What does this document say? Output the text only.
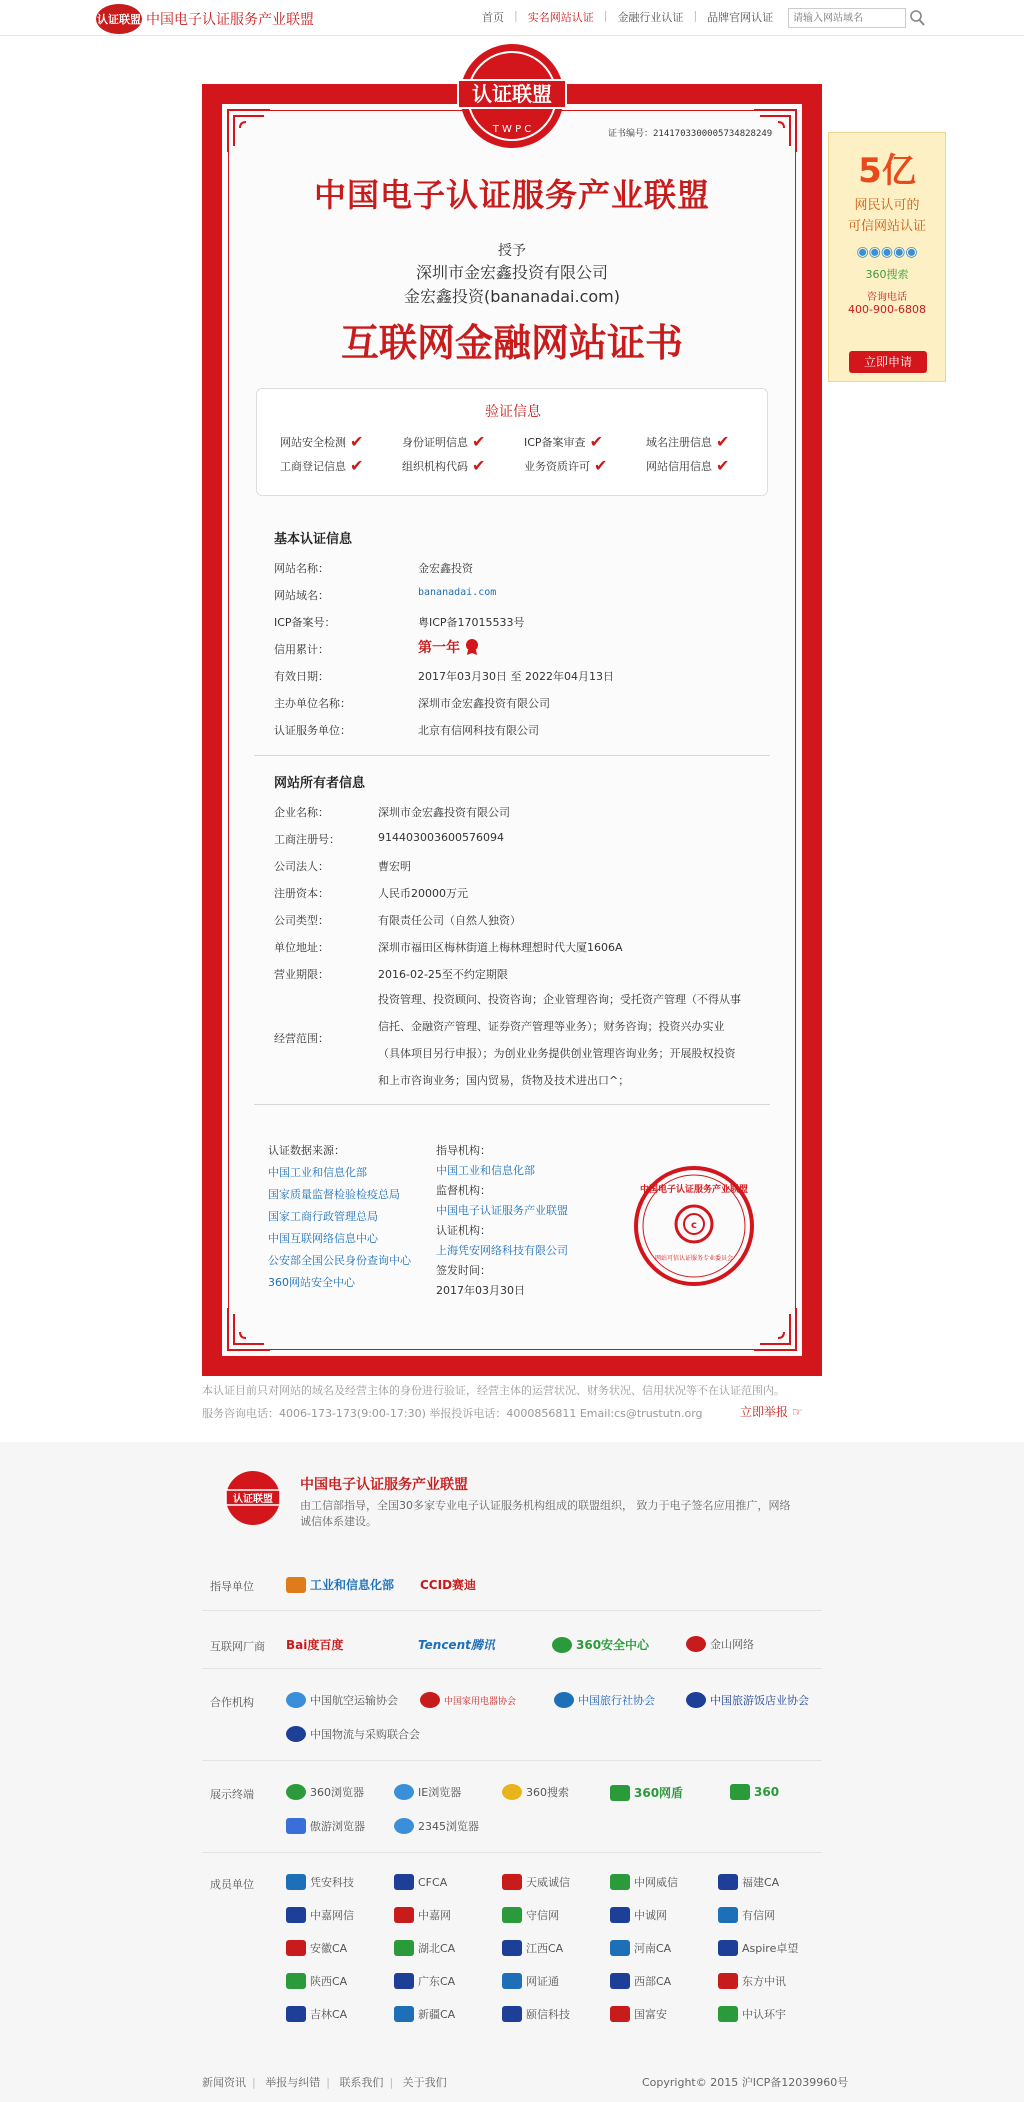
认证联盟 中国电子认证服务产业联盟	首页 | 实名网站认证 | 金融行业认证 | 品牌官网认证
请输入网站域名
认证联盟
T W P C	证书编号：2141703300005734828249
中国电子认证服务产业联盟
授予
深圳市金宏鑫投资有限公司
金宏鑫投资(bananadai.com)
互联网金融网站证书
验证信息
网站安全检测 ✔	身份证明信息 ✔	ICP备案审查 ✔	域名注册信息 ✔
工商登记信息 ✔	组织机构代码 ✔	业务资质许可 ✔	网站信用信息 ✔
基本认证信息
网站名称：	金宏鑫投资
网站域名：	bananadai.com
ICP备案号：	粤ICP备17015533号
信用累计：	第一年
有效日期：	2017年03月30日 至 2022年04月13日
主办单位名称：	深圳市金宏鑫投资有限公司
认证服务单位：	北京有信网科技有限公司
网站所有者信息
企业名称：	深圳市金宏鑫投资有限公司
工商注册号：	91440300360057609​4
公司法人：	曹宏明
注册资本：	人民币20000万元
公司类型：	有限责任公司（自然人独资）
单位地址：	深圳市福田区梅林街道上梅林理想时代大厦1606A
营业期限：	2016-02-25至不约定期限
经营范围：
投资管理、投资顾问、投资咨询；企业管理咨询；受托资产管理（不得从事信托、金融资产管理、证券资产管理等业务）；财务咨询；投资兴办实业（具体项目另行申报）；为创业业务提供创业管理咨询业务；开展股权投资和上市咨询业务；国内贸易，货物及技术进出口^；
认证数据来源：
中国工业和信息化部
国家质量监督检验检疫总局
国家工商行政管理总局
中国互联网络信息中心
公安部全国公民身份查询中心
360网站安全中心
指导机构：
中国工业和信息化部
监督机构：
中国电子认证服务产业联盟
认证机构：
上海凭安网络科技有限公司
签发时间：
2017年03月30日
c
中国电子认证服务产业联盟
网站可信认证服务专业委员会
本认证目前只对网站的域名及经营主体的身份进行验证，经营主体的运营状况、财务状况、信用状况等不在认证范围内。
服务咨询电话：4006-173-173(9:00-17:30) 举报投诉电话：4000856811 Email:cs@trustutn.org	立即举报 ☞
5亿
网民认可的
可信网站认证
◉◉◉◉◉
360搜索
咨询电话
400-900-6808
立即申请
认证联盟
中国电子认证服务产业联盟
由工信部指导，全国30多家专业电子认证服务机构组成的联盟组织， 致力于电子签名应用推广，网络诚信体系建设。
指导单位	工业和信息化部 CCID赛迪
互联网厂商 Bai度百度	Tencent腾讯	360安全中心	金山网络
合作机构	中国航空运输协会	中国家用电器协会	中国旅行社协会	中国旅游饭店业协会
中国物流与采购联合会
展示终端	360浏览器	IE浏览器	360搜索	360网盾	360
傲游浏览器	2345浏览器
成员单位	凭安科技	CFCA	天威诚信	中网威信	福建CA
中嘉网信	中嘉网	守信网	中诚网	有信网
安徽CA	湖北CA	江西CA	河南CA	Aspire卓望
陕西CA	广东CA	网证通	西部CA	东方中讯
吉林CA	新疆CA	颐信科技	国富安	中认环宇
新闻资讯 | 举报与纠错 | 联系我们 | 关于我们	Copyright© 2015 沪ICP备12039960号
